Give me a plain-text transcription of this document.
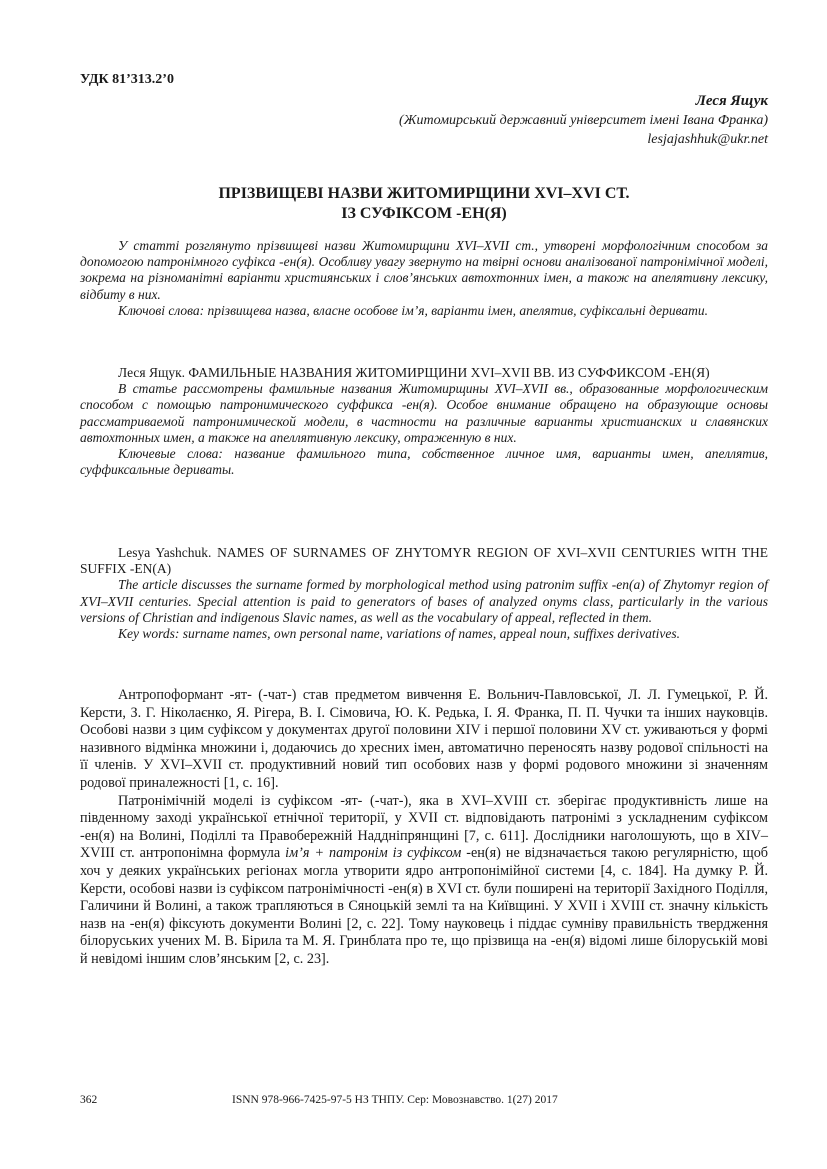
УДК 81’313.2’0
Леся Ящук
(Житомирський державний університет імені Івана Франка)
lesjajashhuk@ukr.net
ПРІЗВИЩЕВІ НАЗВИ ЖИТОМИРЩИНИ XVI–XVI СТ.
ІЗ СУФІКСОМ -ЕН(Я)

У статті розглянуто прізвищеві назви Житомирщини XVI–XVII ст., утворені морфологічним способом за допомогою патронімного суфікса -ен(я). Особливу увагу звернуто на твірні основи аналізованої патронімічної моделі, зокрема на різноманітні варіанти християнських і слов’янських автохтонних імен, а також на апелятивну лексику, відбиту в них.

Ключові слова: прізвищева назва, власне особове ім’я, варіанти імен, апелятив, суфіксальні деривати.

Леся Ящук. ФАМИЛЬНЫЕ НАЗВАНИЯ ЖИТОМИРЩИНИ XVI–XVII ВВ. ИЗ СУФФИКСОМ -ЕН(Я)

В статье рассмотрены фамильные названия Житомирщины XVI–XVII вв., образованные морфологическим способом с помощью патронимического суффикса -ен(я). Особое внимание обращено на образующие основы рассматриваемой патронимической модели, в частности на различные варианты христианских и славянских автохтонных имен, а также на апеллятивную лексику, отраженную в них.

Ключевые слова: название фамильного типа, собственное личное имя, варианты имен, апеллятив, суффиксальные дериваты.

Lesya Yashchuk. NAMES OF SURNAMES OF ZHYTOMYR REGION OF XVI–XVII CENTURIES WITH THE SUFFIX -EN(A)

The article discusses the surname formed by morphological method using patronim suffix -en(a) of Zhytomyr region of XVI–XVII centuries. Special attention is paid to generators of bases of analyzed onyms class, particularly in the various versions of Christian and indigenous Slavic names, as well as the vocabulary of appeal, reflected in them.

Key words: surname names, own personal name, variations of names, appeal noun, suffixes derivatives.

Антропоформант -ят- (-чат-) став предметом вивчення Е. Вольнич-Павловської, Л. Л. Гумецької, Р. Й. Керсти, З. Г. Ніколаєнко, Я. Рігера, В. І. Сімовича, Ю. К. Редька, І. Я. Франка, П. П. Чучки та інших науковців. Особові назви з цим суфіксом у документах другої половини XIV і першої половини XV ст. уживаються у формі називного відмінка множини і, додаючись до хресних імен, автоматично переносять назву родової спільності на її членів. У XVI–XVII ст. продуктивний новий тип особових назв у формі родового множини зі значенням родової приналежності [1, с. 16].

Патронімічній моделі із суфіксом -ят- (-чат-), яка в XVI–XVIII ст. зберігає продуктивність лише на південному заході української етнічної території, у XVII ст. відповідають патронімі з ускладненим суфіксом -ен(я) на Волині, Поділлі та Правобережній Наддніпрянщині [7, с. 611]. Дослідники наголошують, що в XIV–XVIII ст. антропонімна формула ім’я + патронім із суфіксом -ен(я) не відзначається такою регулярністю, щоб хоч у деяких українських регіонах могла утворити ядро антропонімійної системи [4, с. 184]. На думку Р. Й. Керсти, особові назви із суфіксом патронімічності -ен(я) в XVI ст. були поширені на території Західного Поділля, Галичини й Волині, а також трапляються в Сяноцькій землі та на Київщині. У XVII і XVIII ст. значну кількість назв на -ен(я) фіксують документи Волині [2, с. 22]. Тому науковець і піддає сумніву правильність твердження білоруських учених М. В. Бірила та М. Я. Гринблата про те, що прізвища на -ен(я) відомі лише білоруській мові й невідомі іншим слов’янським [2, с. 23].

362	ISNN 978-966-7425-97-5 НЗ ТНПУ. Сер: Мовознавство. 1(27) 2017
